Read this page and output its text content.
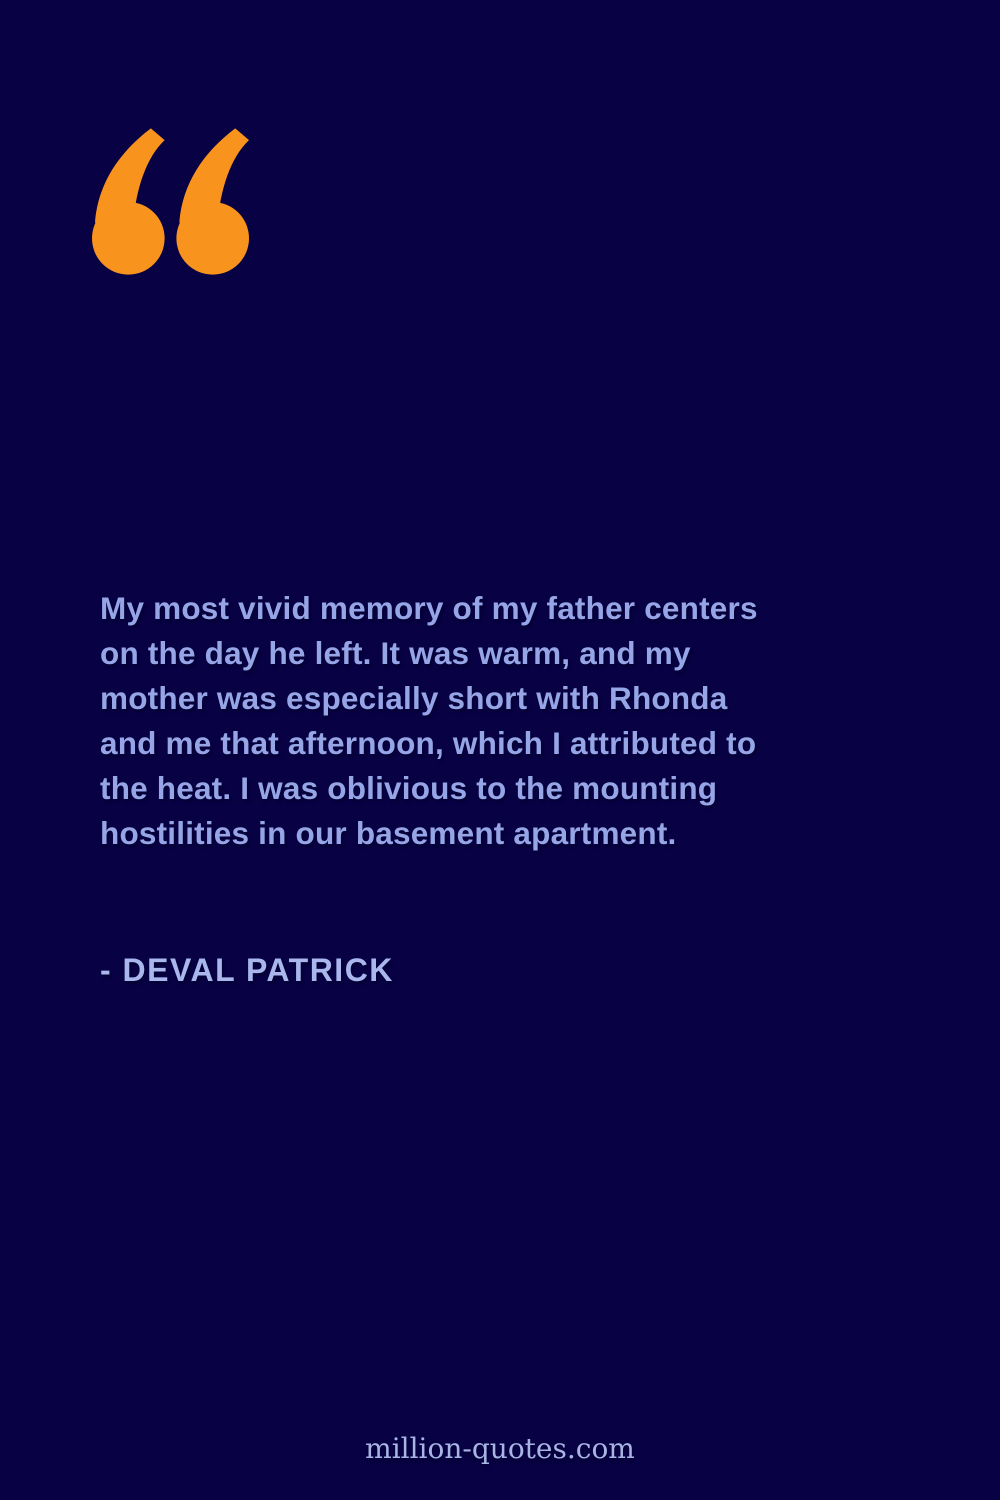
My most vivid memory of my father centers
on the day he left. It was warm, and my
mother was especially short with Rhonda
and me that afternoon, which I attributed to
the heat. I was oblivious to the mounting
hostilities in our basement apartment.
- DEVAL PATRICK
million-quotes.com
